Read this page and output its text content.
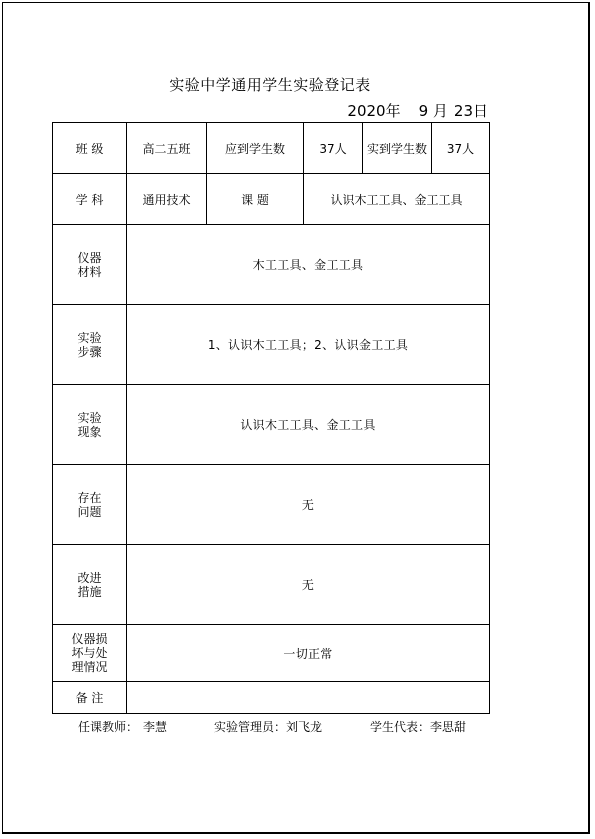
实验中学通用学生实验登记表
2020年 9 月 23日
班 级	高二五班	应到学生数	37人	实到学生数	37人
学 科	通用技术	课 题	认识木工工具、金工工具		

仪器
材料	木工工具、金工工具				

实验
步骤	1、认识木工工具；2、认识金工工具				

实验
现象	认识木工工具、金工工具				

存在
问题	无				

改进
措施	无				

仪器损
坏与处
理情况	一切正常				
备 注					
任课教师： 李慧	实验管理员： 刘飞龙	学生代表： 李思甜
